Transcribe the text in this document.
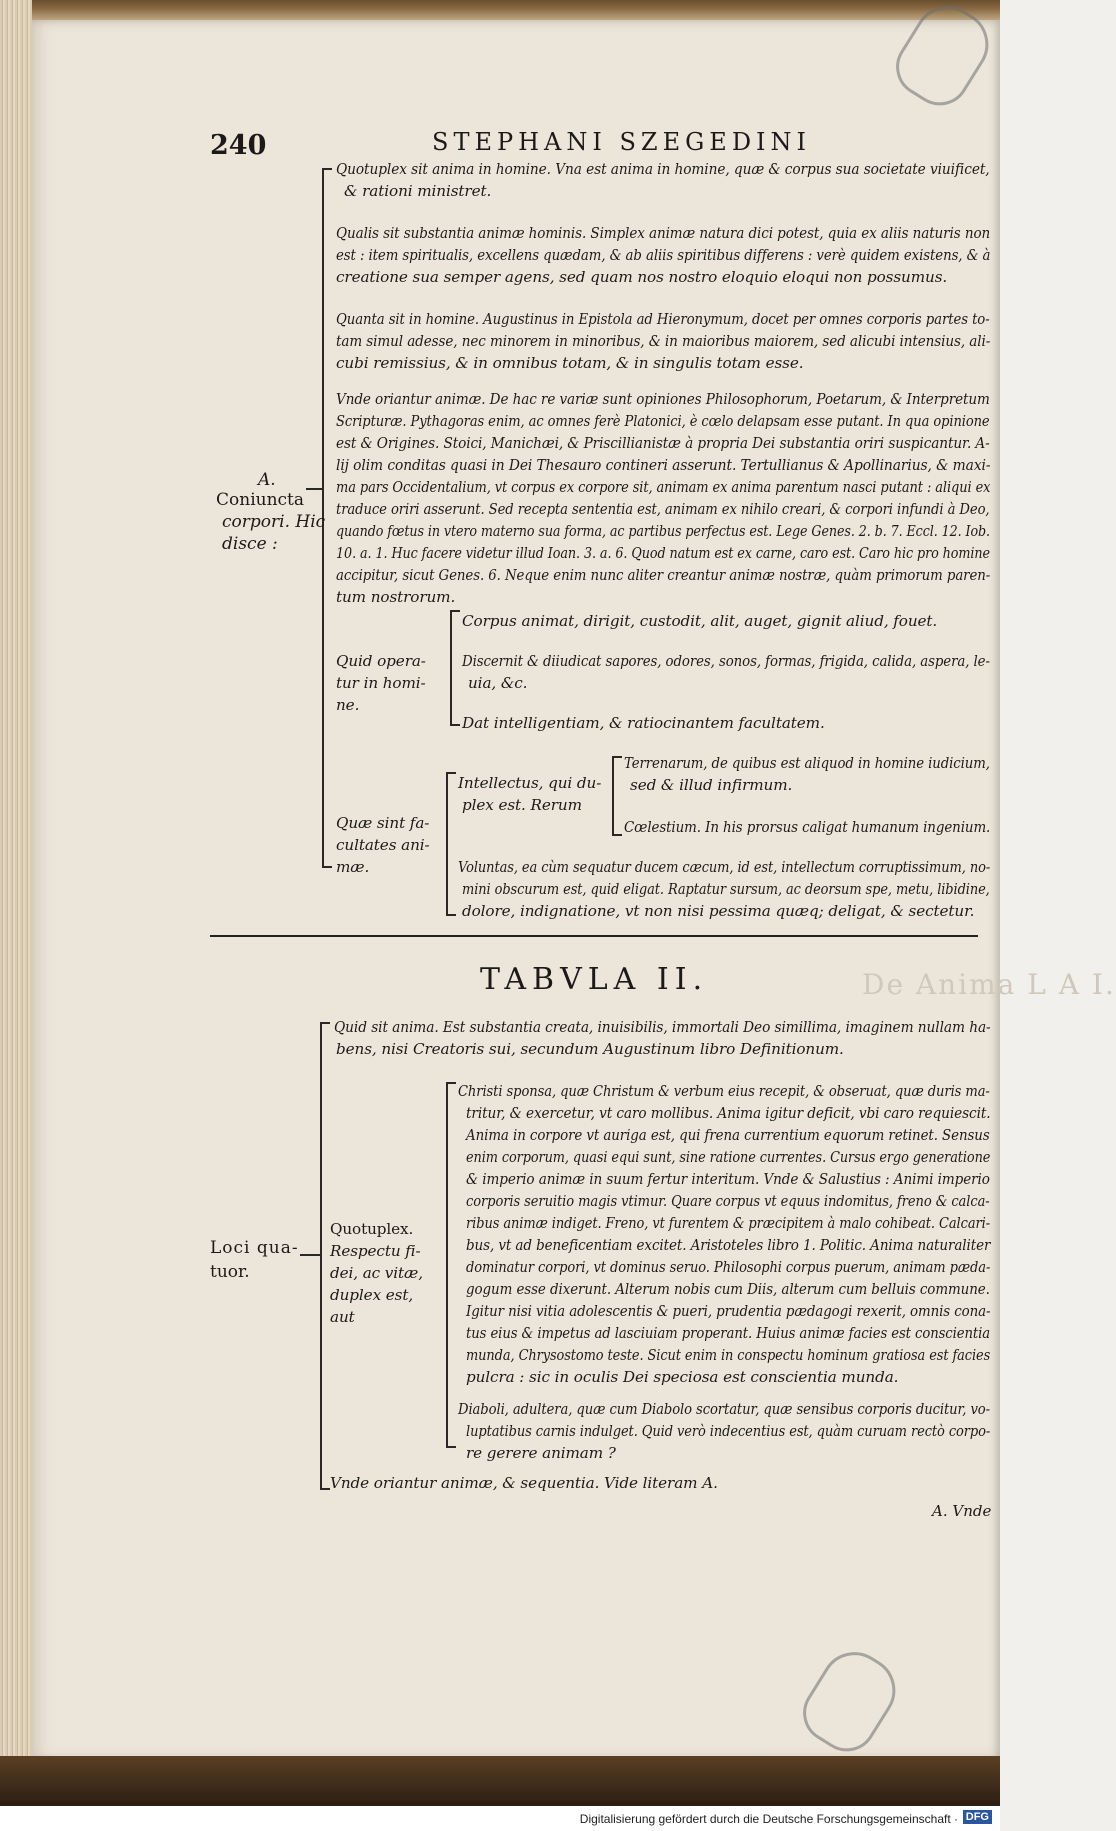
240	STEPHANI SZEGEDINI
A.
Coniuncta
corpori. Hic
disce :
Quotuplex sit anima in homine. Vna est anima in homine, quæ & corpus sua societate viuificet,
& rationi ministret.
Qualis sit substantia animæ hominis. Simplex animæ natura dici potest, quia ex aliis naturis non
est : item spiritualis, excellens quædam, & ab aliis spiritibus differens : verè quidem existens, & à
creatione sua semper agens, sed quam nos nostro eloquio eloqui non possumus.
Quanta sit in homine. Augustinus in Epistola ad Hieronymum, docet per omnes corporis partes to-
tam simul adesse, nec minorem in minoribus, & in maioribus maiorem, sed alicubi intensius, ali-
cubi remissius, & in omnibus totam, & in singulis totam esse.
Vnde oriantur animæ. De hac re variæ sunt opiniones Philosophorum, Poetarum, & Interpretum
Scripturæ. Pythagoras enim, ac omnes ferè Platonici, è cœlo delapsam esse putant. In qua opinione
est & Origines. Stoici, Manichæi, & Priscillianistæ à propria Dei substantia oriri suspicantur. A-
lij olim conditas quasi in Dei Thesauro contineri asserunt. Tertullianus & Apollinarius, & maxi-
ma pars Occidentalium, vt corpus ex corpore sit, animam ex anima parentum nasci putant : aliqui ex
traduce oriri asserunt. Sed recepta sententia est, animam ex nihilo creari, & corpori infundi à Deo,
quando fœtus in vtero materno sua forma, ac partibus perfectus est. Lege Genes. 2. b. 7. Eccl. 12. Iob.
10. a. 1. Huc facere videtur illud Ioan. 3. a. 6. Quod natum est ex carne, caro est. Caro hic pro homine
accipitur, sicut Genes. 6. Neque enim nunc aliter creantur animæ nostræ, quàm primorum paren-
tum nostrorum.
Quid opera-
tur in homi-
ne.
Corpus animat, dirigit, custodit, alit, auget, gignit aliud, fouet.
Discernit & diiudicat sapores, odores, sonos, formas, frigida, calida, aspera, le-
uia, &c.
Dat intelligentiam, & ratiocinantem facultatem.
Quæ sint fa-
cultates ani-
mæ.
Intellectus, qui du-
plex est. Rerum
Terrenarum, de quibus est aliquod in homine iudicium,
sed & illud infirmum.
Cœlestium. In his prorsus caligat humanum ingenium.
Voluntas, ea cùm sequatur ducem cæcum, id est, intellectum corruptissimum, no-
mini obscurum est, quid eligat. Raptatur sursum, ac deorsum spe, metu, libidine,
dolore, indignatione, vt non nisi pessima quæq; deligat, & sectetur.
De Anima L A I.
TABVLA II.
Loci qua-
tuor.
Quid sit anima. Est substantia creata, inuisibilis, immortali Deo simillima, imaginem nullam ha-
bens, nisi Creatoris sui, secundum Augustinum libro Definitionum.
Quotuplex.
Respectu fi-
dei, ac vitæ,
duplex est,
aut
Christi sponsa, quæ Christum & verbum eius recepit, & obseruat, quæ duris ma-
tritur, & exercetur, vt caro mollibus. Anima igitur deficit, vbi caro requiescit.
Anima in corpore vt auriga est, qui frena currentium equorum retinet. Sensus
enim corporum, quasi equi sunt, sine ratione currentes. Cursus ergo generatione
& imperio animæ in suum fertur interitum. Vnde & Salustius : Animi imperio
corporis seruitio magis vtimur. Quare corpus vt equus indomitus, freno & calca-
ribus animæ indiget. Freno, vt furentem & præcipitem à malo cohibeat. Calcari-
bus, vt ad beneficentiam excitet. Aristoteles libro 1. Politic. Anima naturaliter
dominatur corpori, vt dominus seruo. Philosophi corpus puerum, animam pæda-
gogum esse dixerunt. Alterum nobis cum Diis, alterum cum belluis commune.
Igitur nisi vitia adolescentis & pueri, prudentia pædagogi rexerit, omnis cona-
tus eius & impetus ad lasciuiam properant. Huius animæ facies est conscientia
munda, Chrysostomo teste. Sicut enim in conspectu hominum gratiosa est facies
pulcra : sic in oculis Dei speciosa est conscientia munda.
Diaboli, adultera, quæ cum Diabolo scortatur, quæ sensibus corporis ducitur, vo-
luptatibus carnis indulget. Quid verò indecentius est, quàm curuam rectò corpo-
re gerere animam ?
Vnde oriantur animæ, & sequentia. Vide literam A.
A. Vnde
Digitalisierung gefördert durch die Deutsche Forschungsgemeinschaft · DFG
